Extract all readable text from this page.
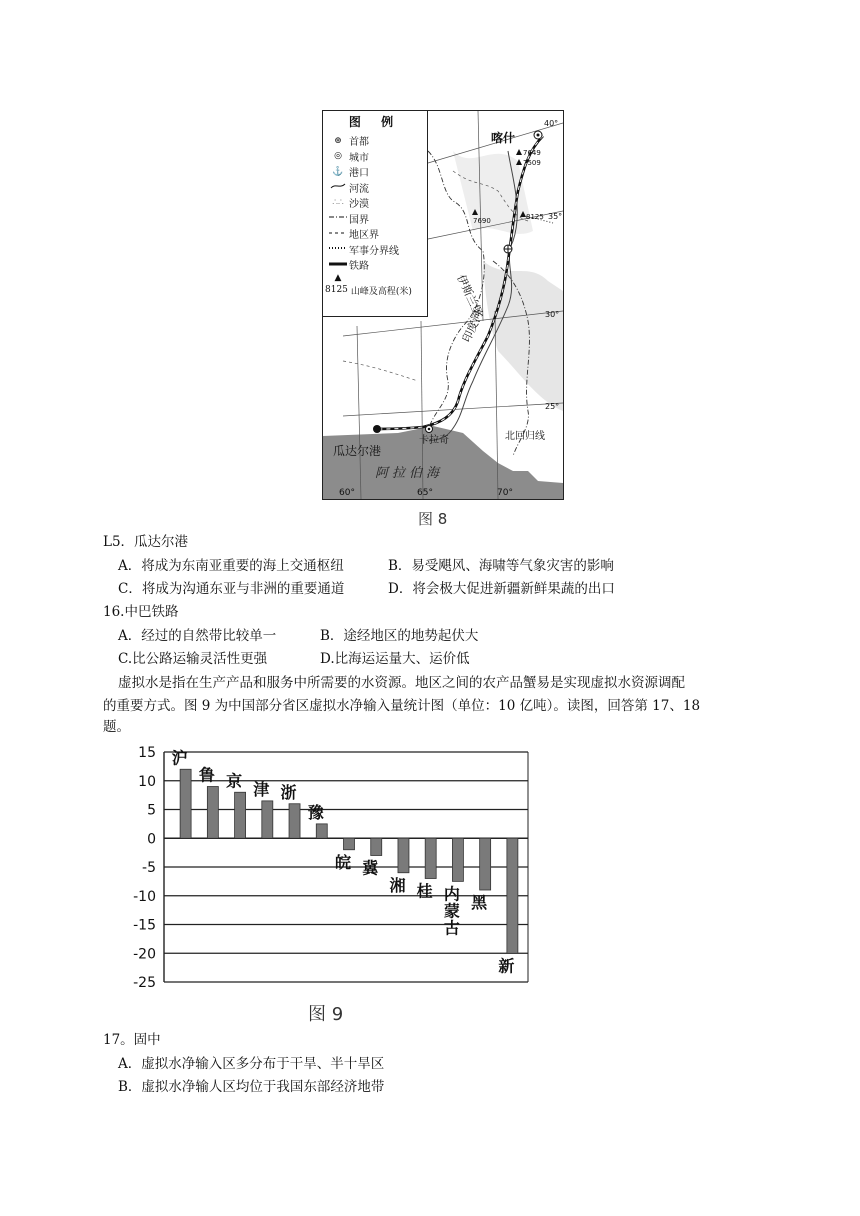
喀什
7649
7509
7690	8125
伊斯兰堡
印度河
瓜达尔港
卡拉奇
阿拉伯海
北回归线
40°
35°
30°
25°
60°	65°	70°
图 例
⊛ 首都
◎ 城市
⚓ 港口
河流
∴∴ 沙漠
国界
地区界
军事分界线
铁路
▲
8125 山峰及高程(米)
图 8
L5．瓜达尔港
A．将成为东南亚重要的海上交通枢纽	B．易受飓风、海啸等气象灾害的影响
C．将成为沟通东亚与非洲的重要通道	D．将会极大促进新疆新鲜果蔬的出口
16.中巴铁路
A．经过的自然带比较单一	B．途经地区的地势起伏大
C.比公路运输灵活性更强	D.比海运运量大、运价低
虚拟水是指在生产产品和服务中所需要的水资源。地区之间的农产品蟹易是实现虚拟水资源调配
的重要方式。图 9 为中国部分省区虚拟水净输入量统计图（单位：10 亿吨）。读图，回答第 17、18
题。
15
10
5
0
-5
-10
-15
-20
-25
沪
鲁 京 津 浙
豫
皖 冀
湘 桂 内
蒙
古
黑
新
图 9
17。固中
A．虚拟水净输入区多分布于干旱、半十旱区
B．虚拟水净输人区均位于我国东部经济地带
